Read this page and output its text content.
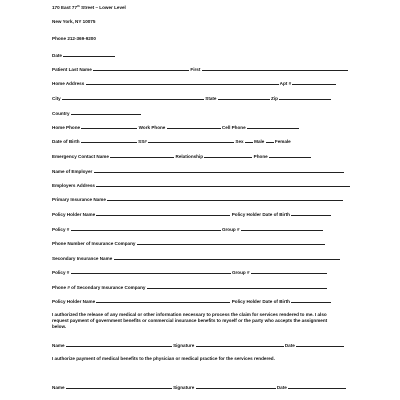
170 East 77th Street – Lower Level
New York, NY 10075
Phone 212-369-9200
Date
Patient Last Name	First
Home Address	Apt #
City	State	Zip
Country
Home Phone	Work Phone	Cell Phone
Date of Birth	SS#	Sex Male Female
Emergency Contact Name	Relationship	Phone
Name of Employer
Employers Address
Primary Insurance Name
Policy Holder Name	Policy Holder Date of Birth
Policy #	Group #
Phone Number of Insurance Company
Secondary Insurance Name
Policy #	Group #
Phone # of Secondary Insurance Company
Policy Holder Name	Policy Holder Date of Birth
I authorized the release of any medical or other information necessary to process the claim for services rendered to me. I also request payment of government benefits or commercial insurance benefits to myself or the party who accepts the assignment below.
Name	Signature	Date
I authorize payment of medical benefits to the physician or medical practice for the services rendered.
Name	Signature	Date
